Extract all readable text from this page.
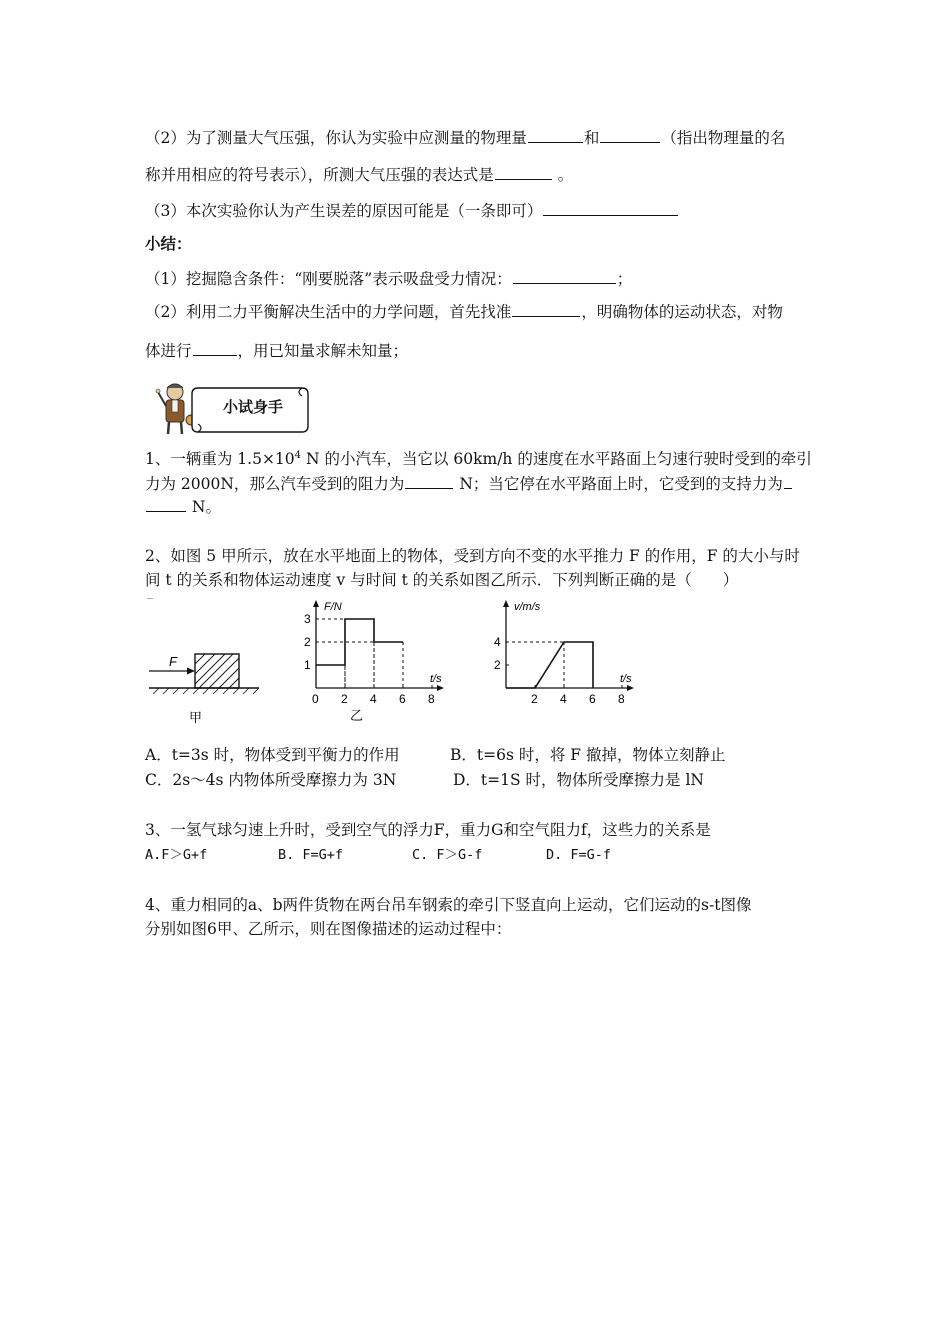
（2）为了测量大气压强，你认为实验中应测量的物理量	和	（指出物理量的名
称并用相应的符号表示），所测大气压强的表达式是	。
（3）本次实验你认为产生误差的原因可能是（一条即可）
小结：
（1）挖掘隐含条件：“刚要脱落”表示吸盘受力情况：	；
（2）利用二力平衡解决生活中的力学问题，首先找准	，明确物体的运动状态，对物
体进行	，用已知量求解未知量；
小试身手
1、一辆重为 $1.5\times 10^4$ N 的小汽车，当它以 60km/h 的速度在水平路面上匀速行驶时受到的牵引
力为 2000N，那么汽车受到的阻力为	N；当它停在水平路面上时，它受到的支持力为
N。
2、如图 5 甲所示，放在水平地面上的物体，受到方向不变的水平推力 F 的作用，F 的大小与时
间 t 的关系和物体运动速度 v 与时间 t 的关系如图乙所示．下列判断正确的是（　　）
F
甲
F/N
t/s
0 2 4 6 8
1
2
3
v/m/s
t/s
2 4 6 8
2
4
乙
A．t=3s 时，物体受到平衡力的作用	B．t=6s 时，将 F 撤掉，物体立刻静止
C．2s～4s 内物体所受摩擦力为 3N	D．t=1S 时，物体所受摩擦力是 lN
3、一氢气球匀速上升时，受到空气的浮力F，重力G和空气阻力f，这些力的关系是
A.F＞G+f	B. F=G+f	C. F＞G-f	D. F=G-f
4、重力相同的a、b两件货物在两台吊车钢索的牵引下竖直向上运动，它们运动的s-t图像
分别如图6甲、乙所示，则在图像描述的运动过程中：
